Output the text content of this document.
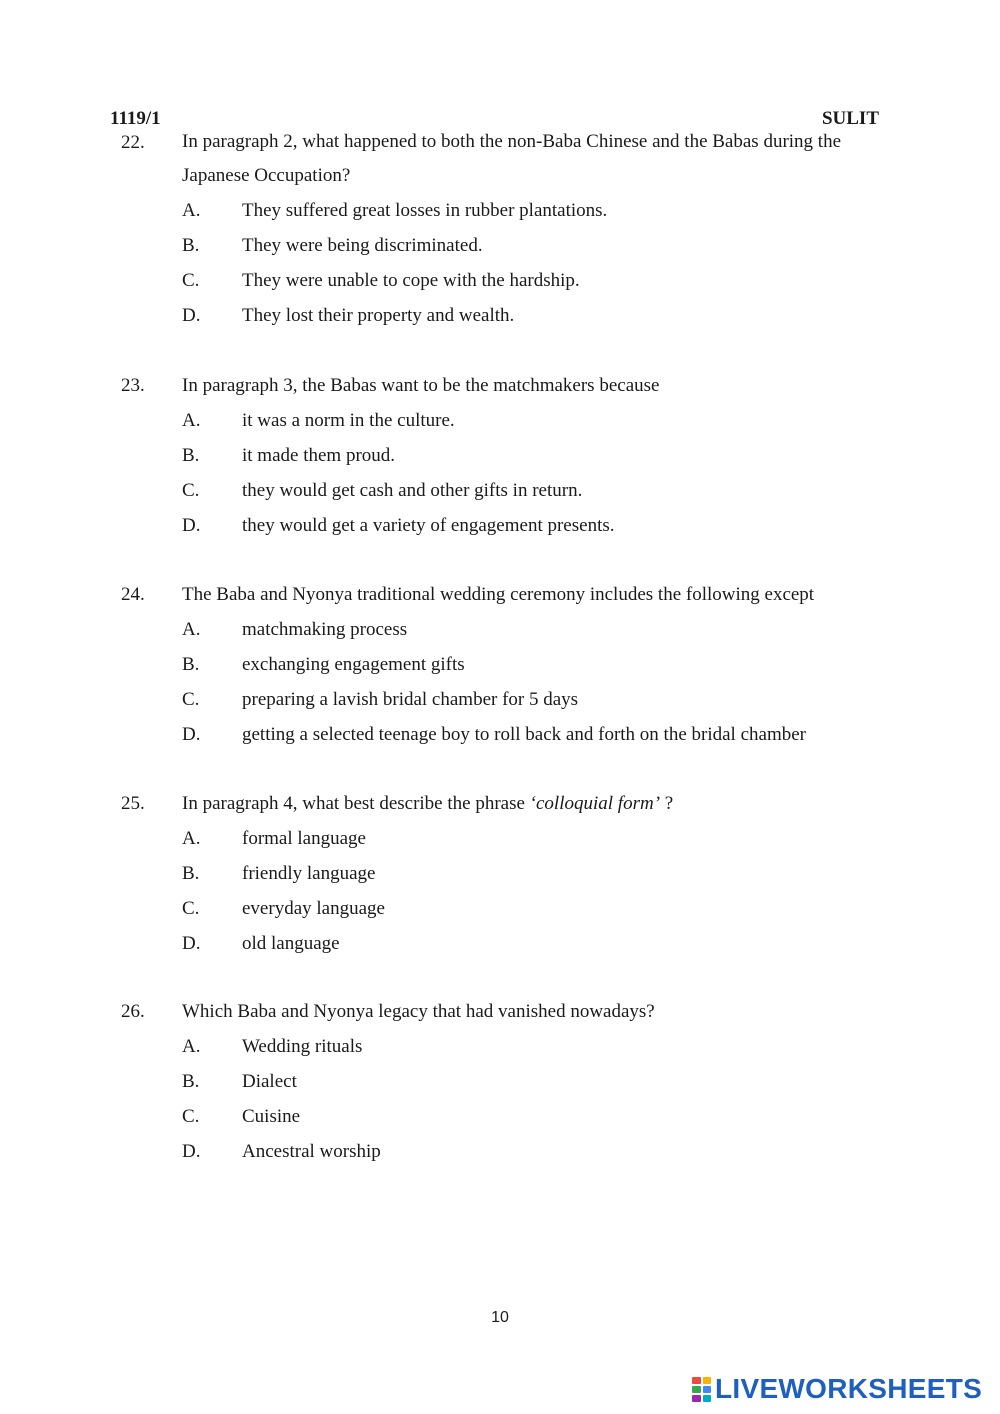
1119/1	SULIT
22.	In paragraph 2, what happened to both the non-Baba Chinese and the Babas during the Japanese Occupation?
A.	They suffered great losses in rubber plantations.
B.	They were being discriminated.
C.	They were unable to cope with the hardship.
D.	They lost their property and wealth.
23.	In paragraph 3, the Babas want to be the matchmakers because
A.	it was a norm in the culture.
B.	it made them proud.
C.	they would get cash and other gifts in return.
D.	they would get a variety of engagement presents.
24.	The Baba and Nyonya traditional wedding ceremony includes the following except
A.	matchmaking process
B.	exchanging engagement gifts
C.	preparing a lavish bridal chamber for 5 days
D.	getting a selected teenage boy to roll back and forth on the bridal chamber
25.	In paragraph 4, what best describe the phrase ‘colloquial form’ ?
A.	formal language
B.	friendly language
C.	everyday language
D.	old language
26.	Which Baba and Nyonya legacy that had vanished nowadays?
A.	Wedding rituals
B.	Dialect
C.	Cuisine
D.	Ancestral worship
10
LIVEWORKSHEETS
